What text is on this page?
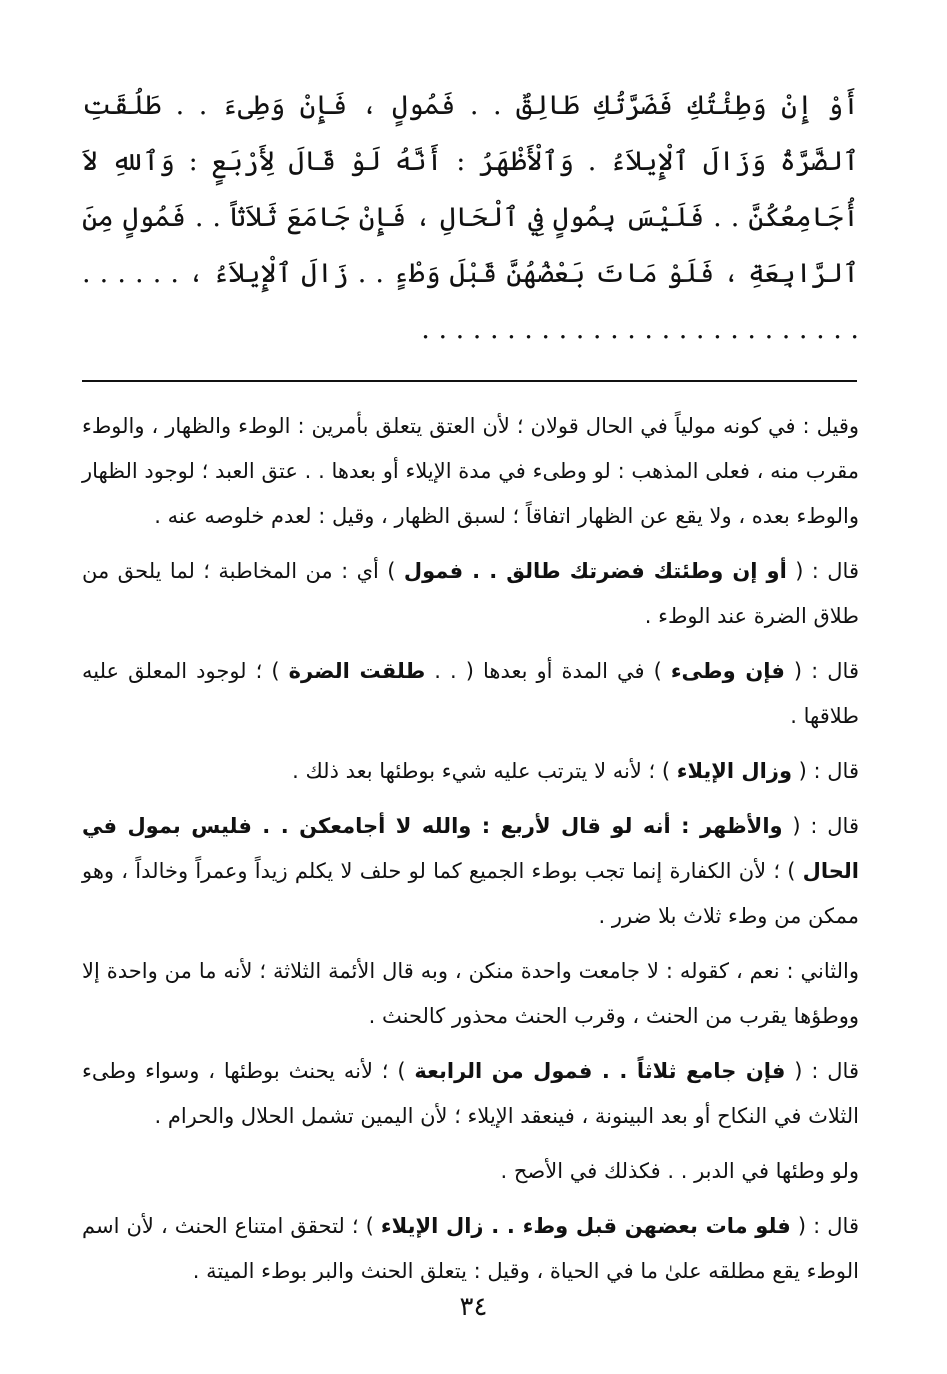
أَوْ إِنْ وَطِئْتُكِ فَضَرَّتُكِ طَالِقٌ . . فَمُولٍ ، فَإِنْ وَطِىءَ . . طَلُقَتِ ٱلضَّرَّةُ وَزَالَ ٱلْإِيلاَءُ . وَٱلْأَظْهَرُ : أَنَّهُ لَوْ قَالَ لِأَرْبَعٍ : وَٱللهِ لاَ أُجَامِعُكُنَّ . . فَلَيْسَ بِمُولٍ فِي ٱلْحَالِ ، فَإِنْ جَامَعَ ثَلاَثاً . . فَمُولٍ مِنَ ٱلرَّابِعَةِ ، فَلَوْ مَاتَ بَعْضُهُنَّ قَبْلَ وَطْءٍ . . زَالَ ٱلْإِيلاَءُ ، . . . . . . . . . . . . . . . . . . . . . . . . . . . . . . . .

وقيل : في كونه مولياً في الحال قولان ؛ لأن العتق يتعلق بأمرين : الوطء والظهار ، والوطء مقرب منه ، فعلى المذهب : لو وطىء في مدة الإيلاء أو بعدها . . عتق العبد ؛ لوجود الظهار والوطء بعده ، ولا يقع عن الظهار اتفاقاً ؛ لسبق الظهار ، وقيل : لعدم خلوصه عنه .

قال : ( أو إن وطئتك فضرتك طالق . . فمول ) أي : من المخاطبة ؛ لما يلحق من طلاق الضرة عند الوطء .

قال : ( فإن وطىء ) في المدة أو بعدها ( . . طلقت الضرة ) ؛ لوجود المعلق عليه طلاقها .

قال : ( وزال الإيلاء ) ؛ لأنه لا يترتب عليه شيء بوطئها بعد ذلك .

قال : ( والأظهر : أنه لو قال لأربع : والله لا أجامعكن . . فليس بمول في الحال ) ؛ لأن الكفارة إنما تجب بوطء الجميع كما لو حلف لا يكلم زيداً وعمراً وخالداً ، وهو ممكن من وطء ثلاث بلا ضرر .

والثاني : نعم ، كقوله : لا جامعت واحدة منكن ، وبه قال الأئمة الثلاثة ؛ لأنه ما من واحدة إلا ووطؤها يقرب من الحنث ، وقرب الحنث محذور كالحنث .

قال : ( فإن جامع ثلاثاً . . فمول من الرابعة ) ؛ لأنه يحنث بوطئها ، وسواء وطىء الثلاث في النكاح أو بعد البينونة ، فينعقد الإيلاء ؛ لأن اليمين تشمل الحلال والحرام .

ولو وطئها في الدبر . . فكذلك في الأصح .

قال : ( فلو مات بعضهن قبل وطء . . زال الإيلاء ) ؛ لتحقق امتناع الحنث ، لأن اسم الوطء يقع مطلقه علىٰ ما في الحياة ، وقيل : يتعلق الحنث والبر بوطء الميتة .

٣٤
